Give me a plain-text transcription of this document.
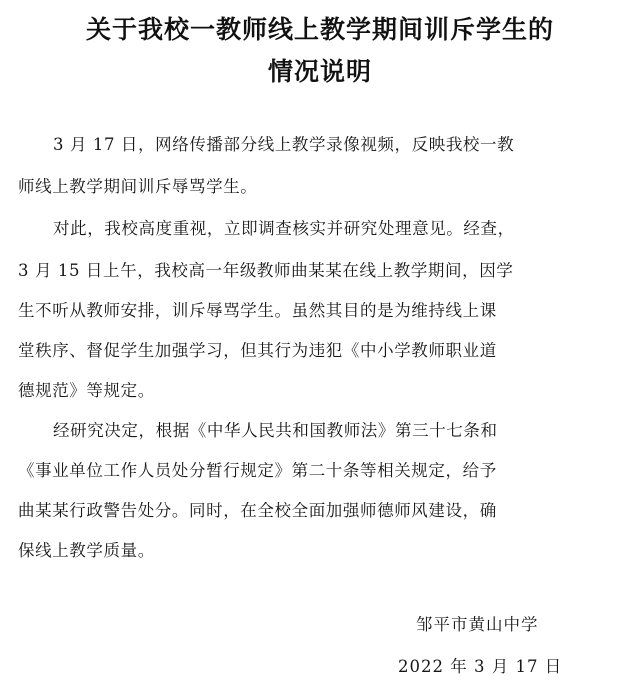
关于我校一教师线上教学期间训斥学生的
情况说明
3 月 17 日，网络传播部分线上教学录像视频，反映我校一教
师线上教学期间训斥辱骂学生。
对此，我校高度重视，立即调查核实并研究处理意见。经查，
3 月 15 日上午，我校高一年级教师曲某某在线上教学期间，因学
生不听从教师安排，训斥辱骂学生。虽然其目的是为维持线上课
堂秩序、督促学生加强学习，但其行为违犯《中小学教师职业道
德规范》等规定。
经研究决定，根据《中华人民共和国教师法》第三十七条和
《事业单位工作人员处分暂行规定》第二十条等相关规定，给予
曲某某行政警告处分。同时，在全校全面加强师德师风建设，确
保线上教学质量。
邹平市黄山中学
2022 年 3 月 17 日
